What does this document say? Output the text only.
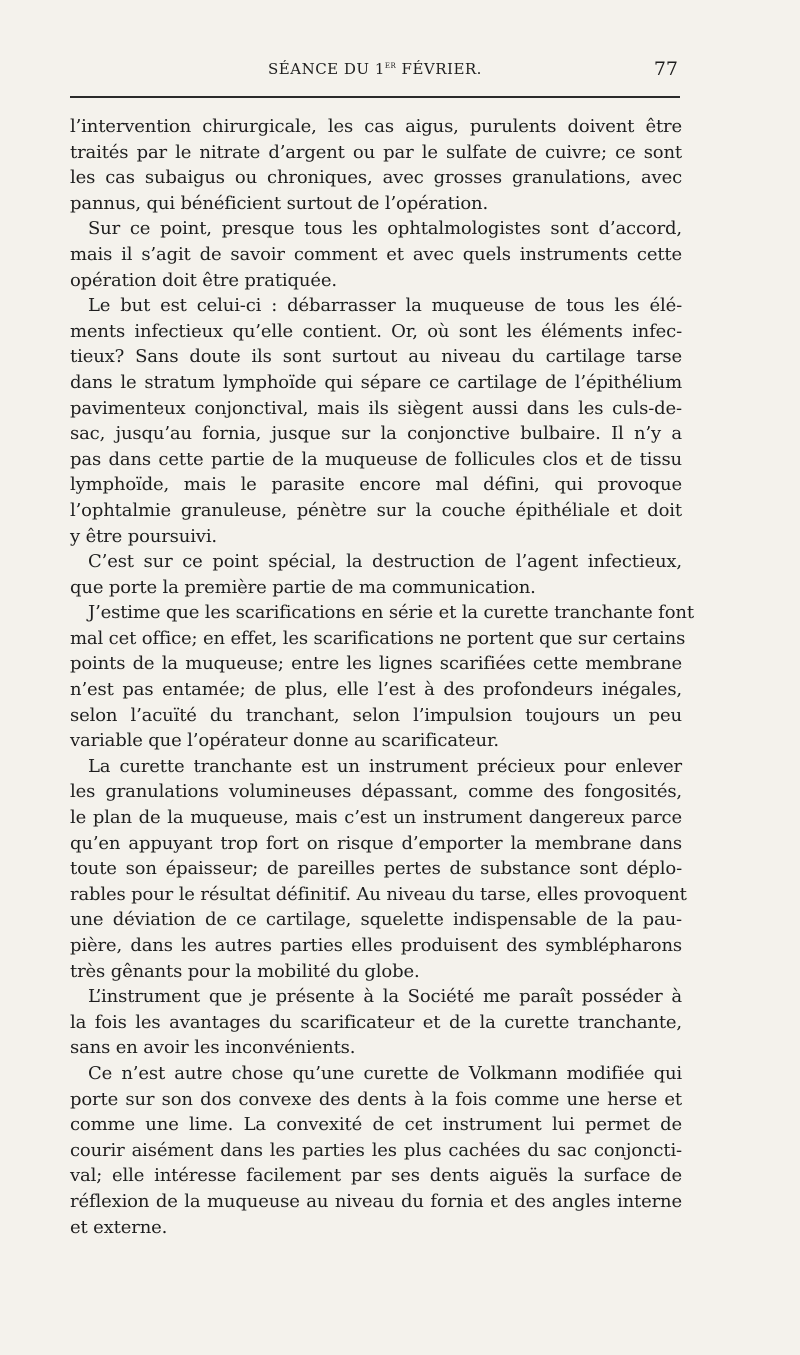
SÉANCE DU 1er FÉVRIER.	77
l’intervention chirurgicale, les cas aigus, purulents doivent être
traités par le nitrate d’argent ou par le sulfate de cuivre; ce sont
les cas subaigus ou chroniques, avec grosses granulations, avec
pannus, qui bénéficient surtout de l’opération.
Sur ce point, presque tous les ophtalmologistes sont d’accord,
mais il s’agit de savoir comment et avec quels instruments cette
opération doit être pratiquée.
Le but est celui-ci : débarrasser la muqueuse de tous les élé-
ments infectieux qu’elle contient. Or, où sont les éléments infec-
tieux? Sans doute ils sont surtout au niveau du cartilage tarse
dans le stratum lymphoïde qui sépare ce cartilage de l’épithélium
pavimenteux conjonctival, mais ils siègent aussi dans les culs-de-
sac, jusqu’au fornia, jusque sur la conjonctive bulbaire. Il n’y a
pas dans cette partie de la muqueuse de follicules clos et de tissu
lymphoïde, mais le parasite encore mal défini, qui provoque
l’ophtalmie granuleuse, pénètre sur la couche épithéliale et doit
y être poursuivi.
C’est sur ce point spécial, la destruction de l’agent infectieux,
que porte la première partie de ma communication.
J’estime que les scarifications en série et la curette tranchante font
mal cet office; en effet, les scarifications ne portent que sur certains
points de la muqueuse; entre les lignes scarifiées cette membrane
n’est pas entamée; de plus, elle l’est à des profondeurs inégales,
selon l’acuïté du tranchant, selon l’impulsion toujours un peu
variable que l’opérateur donne au scarificateur.
La curette tranchante est un instrument précieux pour enlever
les granulations volumineuses dépassant, comme des fongosités,
le plan de la muqueuse, mais c’est un instrument dangereux parce
qu’en appuyant trop fort on risque d’emporter la membrane dans
toute son épaisseur; de pareilles pertes de substance sont déplo-
rables pour le résultat définitif. Au niveau du tarse, elles provoquent
une déviation de ce cartilage, squelette indispensable de la pau-
pière, dans les autres parties elles produisent des symblépharons
très gênants pour la mobilité du globe.
L’instrument que je présente à la Société me paraît posséder à
la fois les avantages du scarificateur et de la curette tranchante,
sans en avoir les inconvénients.
Ce n’est autre chose qu’une curette de Volkmann modifiée qui
porte sur son dos convexe des dents à la fois comme une herse et
comme une lime. La convexité de cet instrument lui permet de
courir aisément dans les parties les plus cachées du sac conjoncti-
val; elle intéresse facilement par ses dents aiguës la surface de
réflexion de la muqueuse au niveau du fornia et des angles interne
et externe.
